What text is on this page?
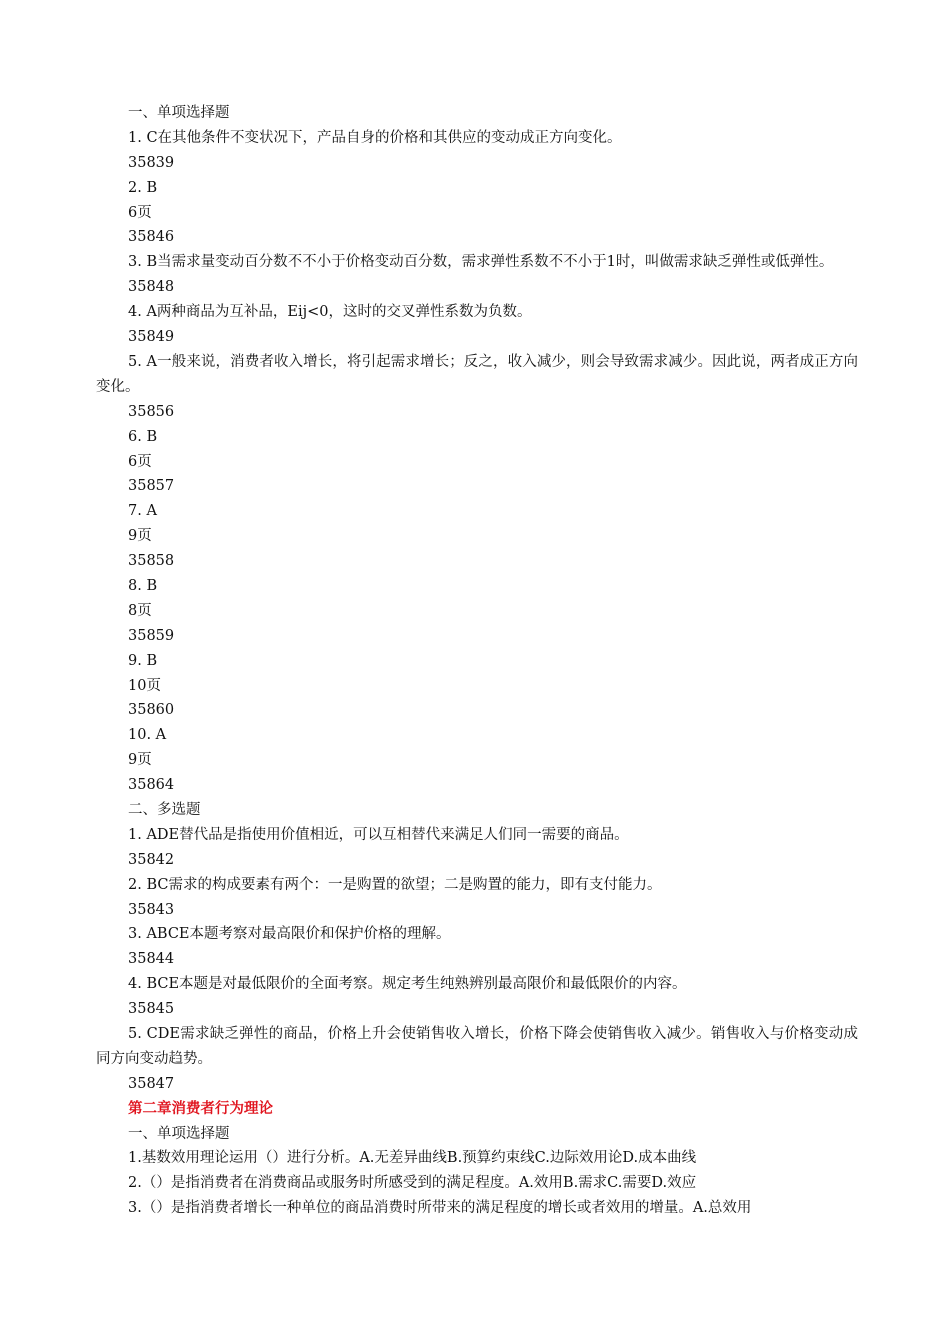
一、单项选择题
1. C在其他条件不变状况下，产品自身的价格和其供应的变动成正方向变化。
35839
2. B
6页
35846
3. B当需求量变动百分数不不小于价格变动百分数，需求弹性系数不不小于1时，叫做需求缺乏弹性或低弹性。
35848
4. A两种商品为互补品，Eij<0，这时的交叉弹性系数为负数。
35849
5. A一般来说，消费者收入增长，将引起需求增长；反之，收入减少，则会导致需求减少。因此说，两者成正方向变化。
35856
6. B
6页
35857
7. A
9页
35858
8. B
8页
35859
9. B
10页
35860
10. A
9页
35864
二、多选题
1. ADE替代品是指使用价值相近，可以互相替代来满足人们同一需要的商品。
35842
2. BC需求的构成要素有两个：一是购置的欲望；二是购置的能力，即有支付能力。
35843
3. ABCE本题考察对最高限价和保护价格的理解。
35844
4. BCE本题是对最低限价的全面考察。规定考生纯熟辨别最高限价和最低限价的内容。
35845
5. CDE需求缺乏弹性的商品，价格上升会使销售收入增长，价格下降会使销售收入减少。销售收入与价格变动成同方向变动趋势。
35847
第二章消费者行为理论
一、单项选择题
1.基数效用理论运用（）进行分析。A.无差异曲线B.预算约束线C.边际效用论D.成本曲线
2.（）是指消费者在消费商品或服务时所感受到的满足程度。A.效用B.需求C.需要D.效应
3.（）是指消费者增长一种单位的商品消费时所带来的满足程度的增长或者效用的增量。A.总效用
